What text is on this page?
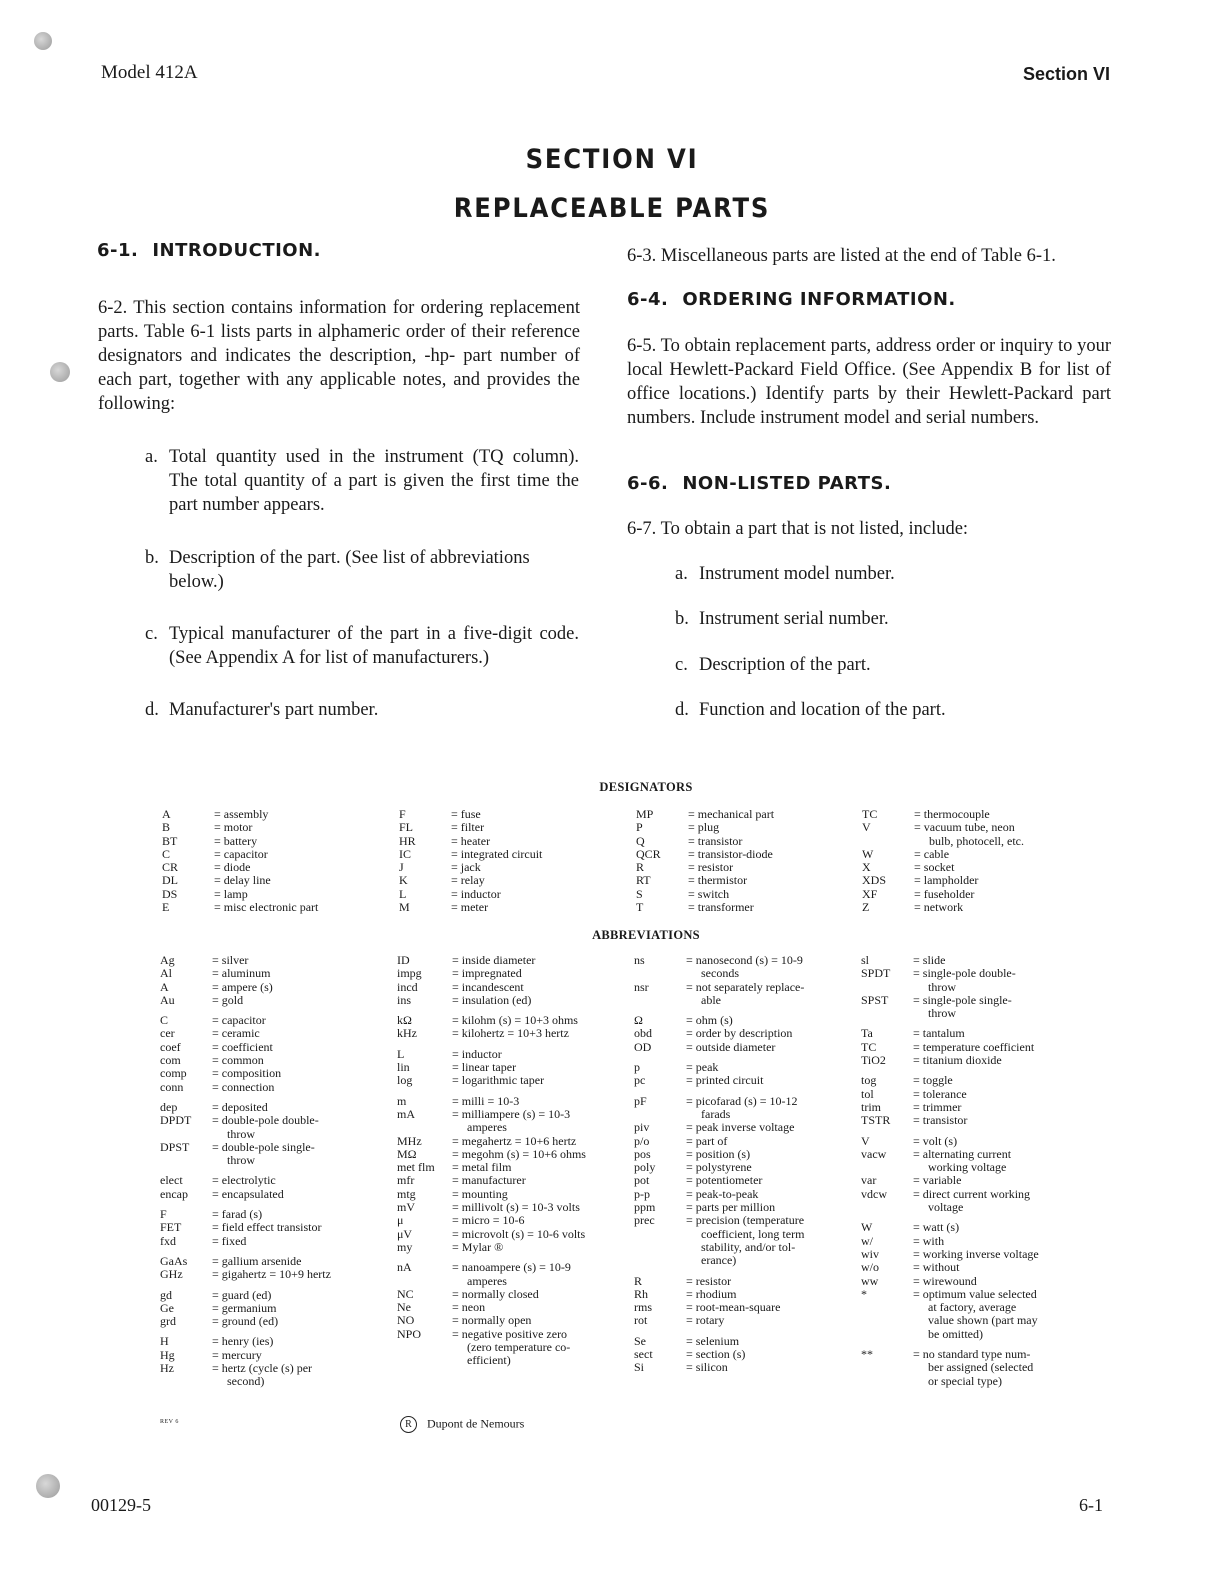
Model 412A	Section VI
SECTION VI
REPLACEABLE PARTS
6-1. INTRODUCTION.
6-2. This section contains information for ordering replacement parts. Table 6-1 lists parts in alphameric order of their reference designators and indicates the description, -hp- part number of each part, together with any applicable notes, and provides the following:
a. Total quantity used in the instrument (TQ column). The total quantity of a part is given the first time the part number appears.
b. Description of the part. (See list of abbreviations below.)
c. Typical manufacturer of the part in a five-digit code. (See Appendix A for list of manufacturers.)
d. Manufacturer's part number.
6-3. Miscellaneous parts are listed at the end of Table 6-1.
6-4. ORDERING INFORMATION.
6-5. To obtain replacement parts, address order or inquiry to your local Hewlett-Packard Field Office. (See Appendix B for list of office locations.) Identify parts by their Hewlett-Packard part numbers. Include instrument model and serial numbers.
6-6. NON-LISTED PARTS.
6-7. To obtain a part that is not listed, include:
a. Instrument model number.
b. Instrument serial number.
c. Description of the part.
d. Function and location of the part.
DESIGNATORS
A	= assembly
B	= motor
BT	= battery
C	= capacitor
CR	= diode
DL	= delay line
DS	= lamp
E	= misc electronic part
F	= fuse
FL	= filter
HR	= heater
IC	= integrated circuit
J	= jack
K	= relay
L	= inductor
M	= meter
MP	= mechanical part
P	= plug
Q	= transistor
QCR	= transistor-diode
R	= resistor
RT	= thermistor
S	= switch
T	= transformer
TC	= thermocouple
V	= vacuum tube, neon
bulb, photocell, etc.
W	= cable
X	= socket
XDS	= lampholder
XF	= fuseholder
Z	= network
ABBREVIATIONS
Ag	= silver
Al	= aluminum
A	= ampere (s)
Au	= gold
C	= capacitor
cer	= ceramic
coef	= coefficient
com	= common
comp	= composition
conn	= connection
dep	= deposited
DPDT	= double-pole double-
throw
DPST	= double-pole single-
throw
elect	= electrolytic
encap	= encapsulated
F	= farad (s)
FET	= field effect transistor
fxd	= fixed
GaAs	= gallium arsenide
GHz	= gigahertz = 10+9 hertz
gd	= guard (ed)
Ge	= germanium
grd	= ground (ed)
H	= henry (ies)
Hg	= mercury
Hz	= hertz (cycle (s) per
second)
ID	= inside diameter
impg	= impregnated
incd	= incandescent
ins	= insulation (ed)
kΩ	= kilohm (s) = 10+3 ohms
kHz	= kilohertz = 10+3 hertz
L	= inductor
lin	= linear taper
log	= logarithmic taper
m	= milli = 10-3
mA	= milliampere (s) = 10-3
amperes
MHz	= megahertz = 10+6 hertz
MΩ	= megohm (s) = 10+6 ohms
met flm	= metal film
mfr	= manufacturer
mtg	= mounting
mV	= millivolt (s) = 10-3 volts
μ	= micro = 10-6
μV	= microvolt (s) = 10-6 volts
my	= Mylar ®
nA	= nanoampere (s) = 10-9
amperes
NC	= normally closed
Ne	= neon
NO	= normally open
NPO	= negative positive zero
(zero temperature co-
efficient)
ns	= nanosecond (s) = 10-9
seconds
nsr	= not separately replace-
able
Ω	= ohm (s)
obd	= order by description
OD	= outside diameter
p	= peak
pc	= printed circuit
pF	= picofarad (s) = 10-12
farads
piv	= peak inverse voltage
p/o	= part of
pos	= position (s)
poly	= polystyrene
pot	= potentiometer
p-p	= peak-to-peak
ppm	= parts per million
prec	= precision (temperature
coefficient, long term
stability, and/or tol-
erance)
R	= resistor
Rh	= rhodium
rms	= root-mean-square
rot	= rotary
Se	= selenium
sect	= section (s)
Si	= silicon
sl	= slide
SPDT	= single-pole double-
throw
SPST	= single-pole single-
throw
Ta	= tantalum
TC	= temperature coefficient
TiO2	= titanium dioxide
tog	= toggle
tol	= tolerance
trim	= trimmer
TSTR	= transistor
V	= volt (s)
vacw	= alternating current
working voltage
var	= variable
vdcw	= direct current working
voltage
W	= watt (s)
w/	= with
wiv	= working inverse voltage
w/o	= without
ww	= wirewound
*	= optimum value selected
at factory, average
value shown (part may
be omitted)
**	= no standard type num-
ber assigned (selected
or special type)
R Dupont de Nemours
REV 6
00129-5	6-1
